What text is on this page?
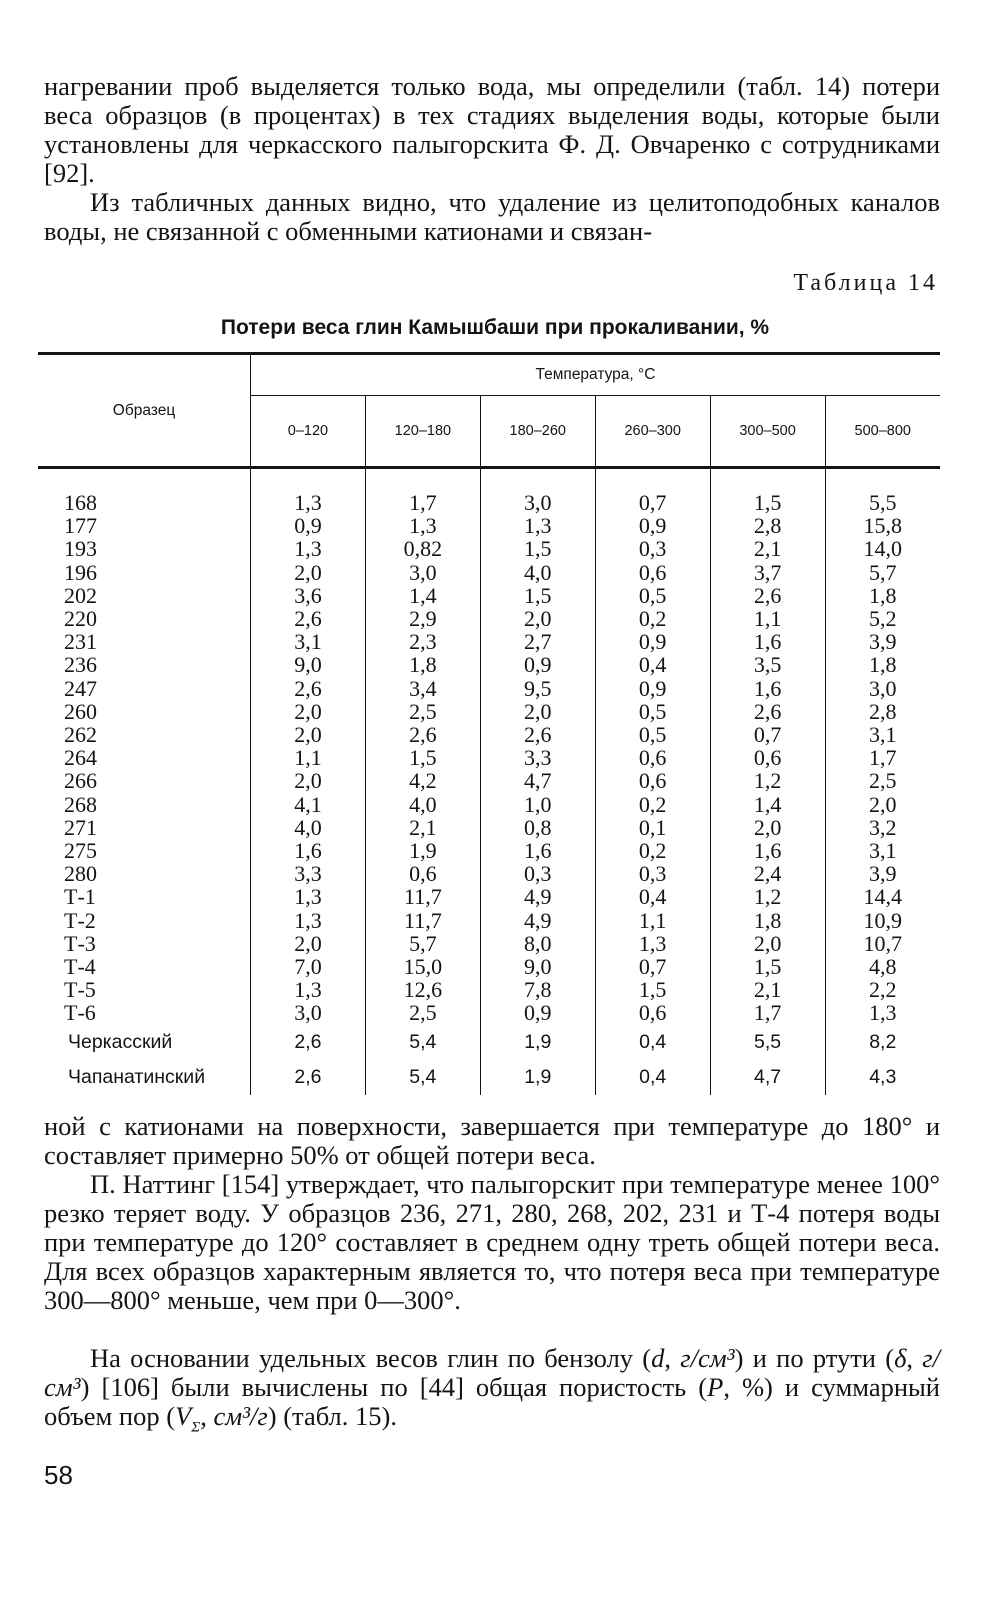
нагревании проб выделяется только вода, мы определили (табл. 14) потери веса образцов (в процентах) в тех стадиях выделения воды, которые были установлены для черкасского палыгорскита Ф. Д. Овчаренко с сотрудниками [92].

Из табличных данных видно, что удаление из целитоподобных каналов воды, не связанной с обменными катионами и связан-

Таблица 14

Потери веса глин Камышбаши при прокаливании, %

Образец	Температура, °С					
	0–120	120–180	180–260	260–300	300–500	500–800
168	1,3	1,7	3,0	0,7	1,5	5,5
177	0,9	1,3	1,3	0,9	2,8	15,8
193	1,3	0,82	1,5	0,3	2,1	14,0
196	2,0	3,0	4,0	0,6	3,7	5,7
202	3,6	1,4	1,5	0,5	2,6	1,8
220	2,6	2,9	2,0	0,2	1,1	5,2
231	3,1	2,3	2,7	0,9	1,6	3,9
236	9,0	1,8	0,9	0,4	3,5	1,8
247	2,6	3,4	9,5	0,9	1,6	3,0
260	2,0	2,5	2,0	0,5	2,6	2,8
262	2,0	2,6	2,6	0,5	0,7	3,1
264	1,1	1,5	3,3	0,6	0,6	1,7
266	2,0	4,2	4,7	0,6	1,2	2,5
268	4,1	4,0	1,0	0,2	1,4	2,0
271	4,0	2,1	0,8	0,1	2,0	3,2
275	1,6	1,9	1,6	0,2	1,6	3,1
280	3,3	0,6	0,3	0,3	2,4	3,9
Т-1	1,3	11,7	4,9	0,4	1,2	14,4
Т-2	1,3	11,7	4,9	1,1	1,8	10,9
Т-3	2,0	5,7	8,0	1,3	2,0	10,7
Т-4	7,0	15,0	9,0	0,7	1,5	4,8
Т-5	1,3	12,6	7,8	1,5	2,1	2,2
Т-6	3,0	2,5	0,9	0,6	1,7	1,3
Черкасский	2,6	5,4	1,9	0,4	5,5	8,2
Чапанатинский	2,6	5,4	1,9	0,4	4,7	4,3

ной с катионами на поверхности, завершается при температуре до 180° и составляет примерно 50% от общей потери веса.

П. Наттинг [154] утверждает, что палыгорскит при температуре менее 100° резко теряет воду. У образцов 236, 271, 280, 268, 202, 231 и Т-4 потеря воды при температуре до 120° составляет в среднем одну треть общей потери веса. Для всех образцов характерным является то, что потеря веса при температуре 300—800° меньше, чем при 0—300°.

На основании удельных весов глин по бензолу (d, г/см³) и по ртути (δ, г/см³) [106] были вычислены по [44] общая пористость (P, %) и суммарный объем пор ($V_\Sigma$, см³/г) (табл. 15).

58
